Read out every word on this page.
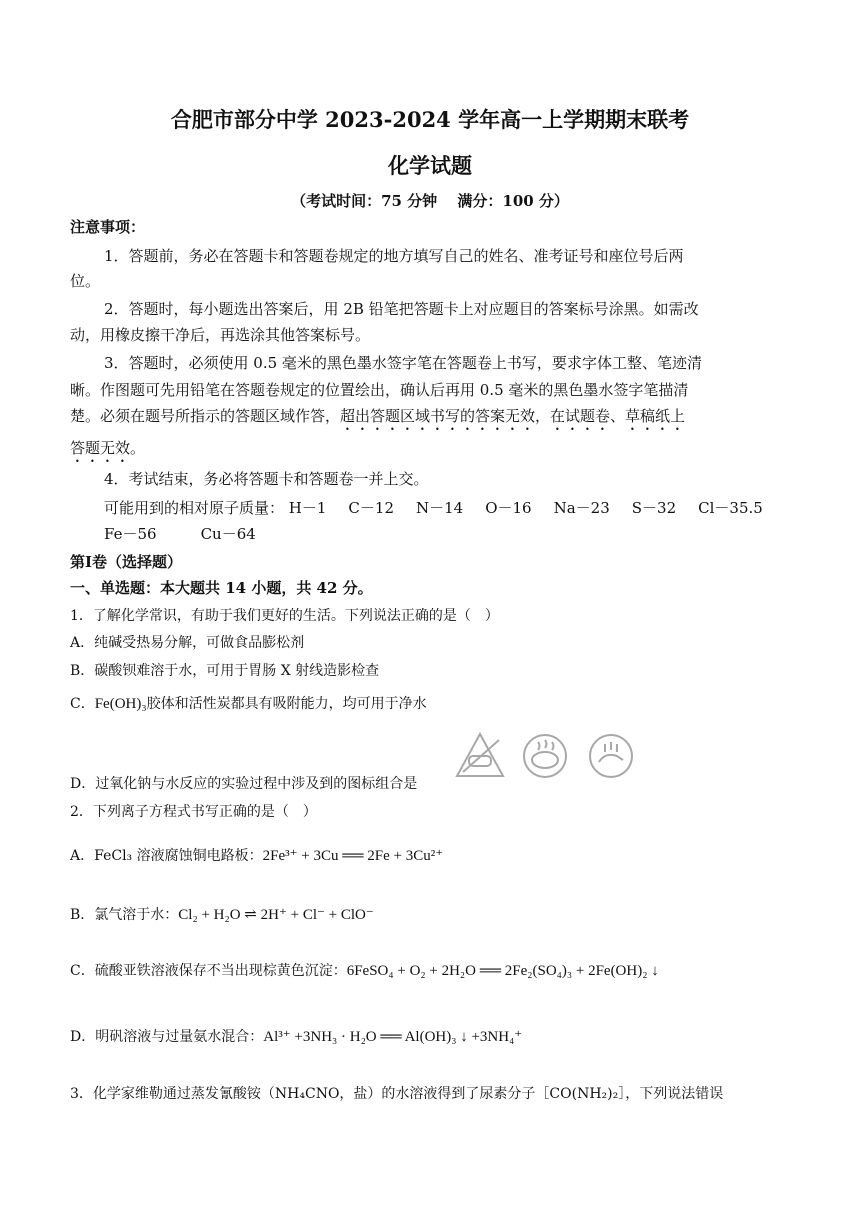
合肥市部分中学 2023-2024 学年高一上学期期末联考
化学试题
（考试时间：75 分钟　 满分：100 分）
注意事项：
1．答题前，务必在答题卡和答题卷规定的地方填写自己的姓名、准考证号和座位号后两
位。
2．答题时，每小题选出答案后，用 2B 铅笔把答题卡上对应题目的答案标号涂黑。如需改
动，用橡皮擦干净后，再选涂其他答案标号。
3．答题时，必须使用 0.5 毫米的黑色墨水签字笔在答题卷上书写，要求字体工整、笔迹清
晰。作图题可先用铅笔在答题卷规定的位置绘出，确认后再用 0.5 毫米的黑色墨水签字笔描清
楚。必须在题号所指示的答题区域作答，超出答题区域书写的答案无效，在试题卷、草稿纸上
答题无效。
4．考试结束，务必将答题卡和答题卷一并上交。
可能用到的相对原子质量： H－1 C－12 N－14 O－16 Na－23 S－32 Cl－35.5
Fe－56	Cu－64
第Ⅰ卷（选择题）
一、单选题：本大题共 14 小题，共 42 分。
1．了解化学常识，有助于我们更好的生活。下列说法正确的是（　）
A．纯碱受热易分解，可做食品膨松剂
B．碳酸钡难溶于水，可用于胃肠 X 射线造影检查
C．Fe(OH)₃胶体和活性炭都具有吸附能力，均可用于净水
D．过氧化钠与水反应的实验过程中涉及到的图标组合是
2．下列离子方程式书写正确的是（　）
A．FeCl₃ 溶液腐蚀铜电路板：2Fe³⁺ + 3Cu ══ 2Fe + 3Cu²⁺
B．氯气溶于水：Cl₂ + H₂O ⇌ 2H⁺ + Cl⁻ + ClO⁻
C．硫酸亚铁溶液保存不当出现棕黄色沉淀：6FeSO₄ + O₂ + 2H₂O ══ 2Fe₂(SO₄)₃ + 2Fe(OH)₂ ↓
D．明矾溶液与过量氨水混合：Al³⁺ +3NH₃ · H₂O ══ Al(OH)₃ ↓ +3NH₄⁺
3．化学家维勒通过蒸发氰酸铵（NH₄CNO，盐）的水溶液得到了尿素分子［CO(NH₂)₂］，下列说法错误
